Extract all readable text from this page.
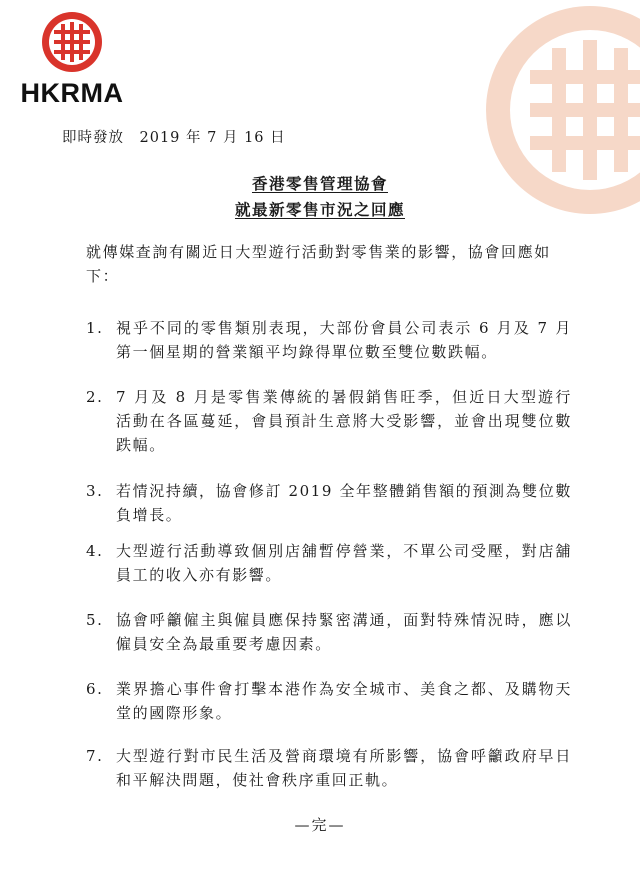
HKRMA
即時發放　2019 年 7 月 16 日
香港零售管理協會
就最新零售市況之回應
就傳媒查詢有關近日大型遊行活動對零售業的影響，協會回應如下：
1. 視乎不同的零售類別表現，大部份會員公司表示 6 月及 7 月第一個星期的營業額平均錄得單位數至雙位數跌幅。
2. 7 月及 8 月是零售業傳統的暑假銷售旺季，但近日大型遊行活動在各區蔓延，會員預計生意將大受影響，並會出現雙位數跌幅。
3. 若情況持續，協會修訂 2019 全年整體銷售額的預測為雙位數負增長。
4. 大型遊行活動導致個別店舖暫停營業，不單公司受壓，對店舖員工的收入亦有影響。
5. 協會呼籲僱主與僱員應保持緊密溝通，面對特殊情況時，應以僱員安全為最重要考慮因素。
6. 業界擔心事件會打擊本港作為安全城市、美食之都、及購物天堂的國際形象。
7. 大型遊行對市民生活及營商環境有所影響，協會呼籲政府早日和平解決問題，使社會秩序重回正軌。
—完—
